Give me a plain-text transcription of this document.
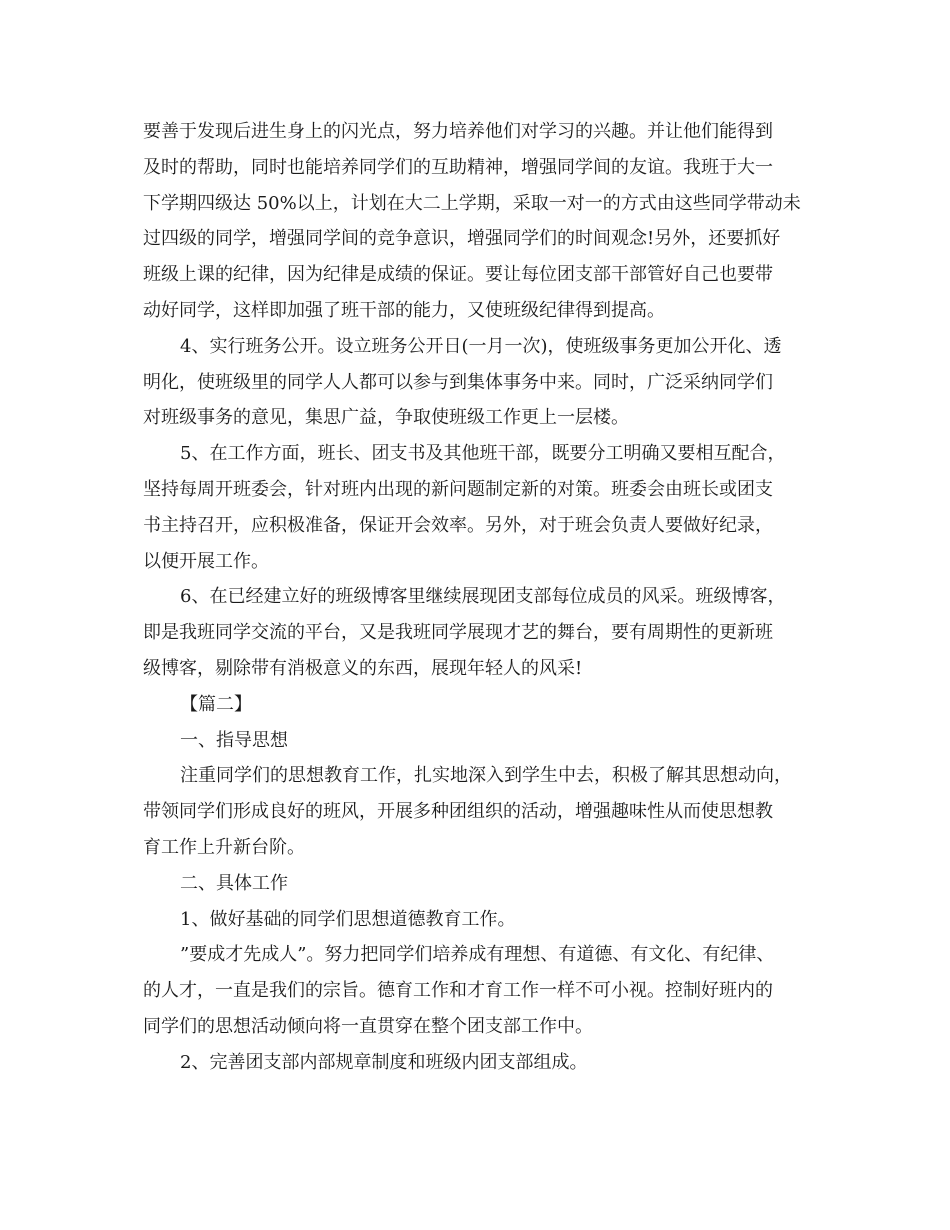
要善于发现后进生身上的闪光点，努力培养他们对学习的兴趣。并让他们能得到
及时的帮助，同时也能培养同学们的互助精神，增强同学间的友谊。我班于大一
下学期四级达 50%以上，计划在大二上学期，采取一对一的方式由这些同学带动未
过四级的同学，增强同学间的竞争意识，增强同学们的时间观念!另外，还要抓好
班级上课的纪律，因为纪律是成绩的保证。要让每位团支部干部管好自己也要带
动好同学，这样即加强了班干部的能力，又使班级纪律得到提高。
4、实行班务公开。设立班务公开日(一月一次)，使班级事务更加公开化、透
明化，使班级里的同学人人都可以参与到集体事务中来。同时，广泛采纳同学们
对班级事务的意见，集思广益，争取使班级工作更上一层楼。
5、在工作方面，班长、团支书及其他班干部，既要分工明确又要相互配合，
坚持每周开班委会，针对班内出现的新问题制定新的对策。班委会由班长或团支
书主持召开，应积极准备，保证开会效率。另外，对于班会负责人要做好纪录，
以便开展工作。
6、在已经建立好的班级博客里继续展现团支部每位成员的风采。班级博客，
即是我班同学交流的平台，又是我班同学展现才艺的舞台，要有周期性的更新班
级博客，剔除带有消极意义的东西，展现年轻人的风采!
【篇二】
一、指导思想
注重同学们的思想教育工作，扎实地深入到学生中去，积极了解其思想动向，
带领同学们形成良好的班风，开展多种团组织的活动，增强趣味性从而使思想教
育工作上升新台阶。
二、具体工作
1、做好基础的同学们思想道德教育工作。
”要成才先成人”。努力把同学们培养成有理想、有道德、有文化、有纪律、
的人才，一直是我们的宗旨。德育工作和才育工作一样不可小视。控制好班内的
同学们的思想活动倾向将一直贯穿在整个团支部工作中。
2、完善团支部内部规章制度和班级内团支部组成。
